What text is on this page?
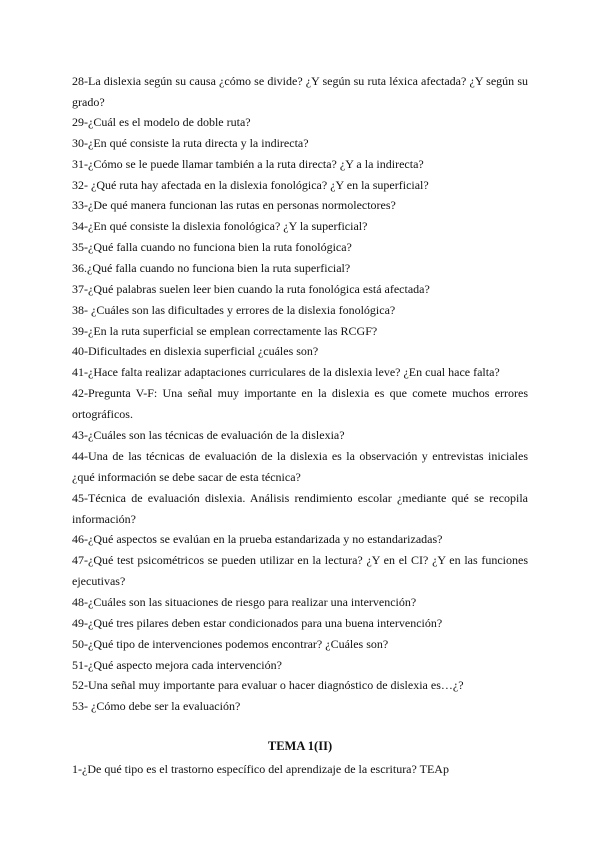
28-La dislexia según su causa ¿cómo se divide? ¿Y según su ruta léxica afectada? ¿Y según su grado?

29-¿Cuál es el modelo de doble ruta?

30-¿En qué consiste la ruta directa y la indirecta?

31-¿Cómo se le puede llamar también a la ruta directa? ¿Y a la indirecta?

32- ¿Qué ruta hay afectada en la dislexia fonológica? ¿Y en la superficial?

33-¿De qué manera funcionan las rutas en personas normolectores?

34-¿En qué consiste la dislexia fonológica? ¿Y la superficial?

35-¿Qué falla cuando no funciona bien la ruta fonológica?

36.¿Qué falla cuando no funciona bien la ruta superficial?

37-¿Qué palabras suelen leer bien cuando la ruta fonológica está afectada?

38- ¿Cuáles son las dificultades y errores de la dislexia fonológica?

39-¿En la ruta superficial se emplean correctamente las RCGF?

40-Dificultades en dislexia superficial ¿cuáles son?

41-¿Hace falta realizar adaptaciones curriculares de la dislexia leve? ¿En cual hace falta?

42-Pregunta V-F: Una señal muy importante en la dislexia es que comete muchos errores ortográficos.

43-¿Cuáles son las técnicas de evaluación de la dislexia?

44-Una de las técnicas de evaluación de la dislexia es la observación y entrevistas iniciales ¿qué información se debe sacar de esta técnica?

45-Técnica de evaluación dislexia. Análisis rendimiento escolar ¿mediante qué se recopila información?

46-¿Qué aspectos se evalúan en la prueba estandarizada y no estandarizadas?

47-¿Qué test psicométricos se pueden utilizar en la lectura? ¿Y en el CI? ¿Y en las funciones ejecutivas?

48-¿Cuáles son las situaciones de riesgo para realizar una intervención?

49-¿Qué tres pilares deben estar condicionados para una buena intervención?

50-¿Qué tipo de intervenciones podemos encontrar? ¿Cuáles son?

51-¿Qué aspecto mejora cada intervención?

52-Una señal muy importante para evaluar o hacer diagnóstico de dislexia es…¿?

53- ¿Cómo debe ser la evaluación?

TEMA 1(II)

1-¿De qué tipo es el trastorno específico del aprendizaje de la escritura? TEAp
